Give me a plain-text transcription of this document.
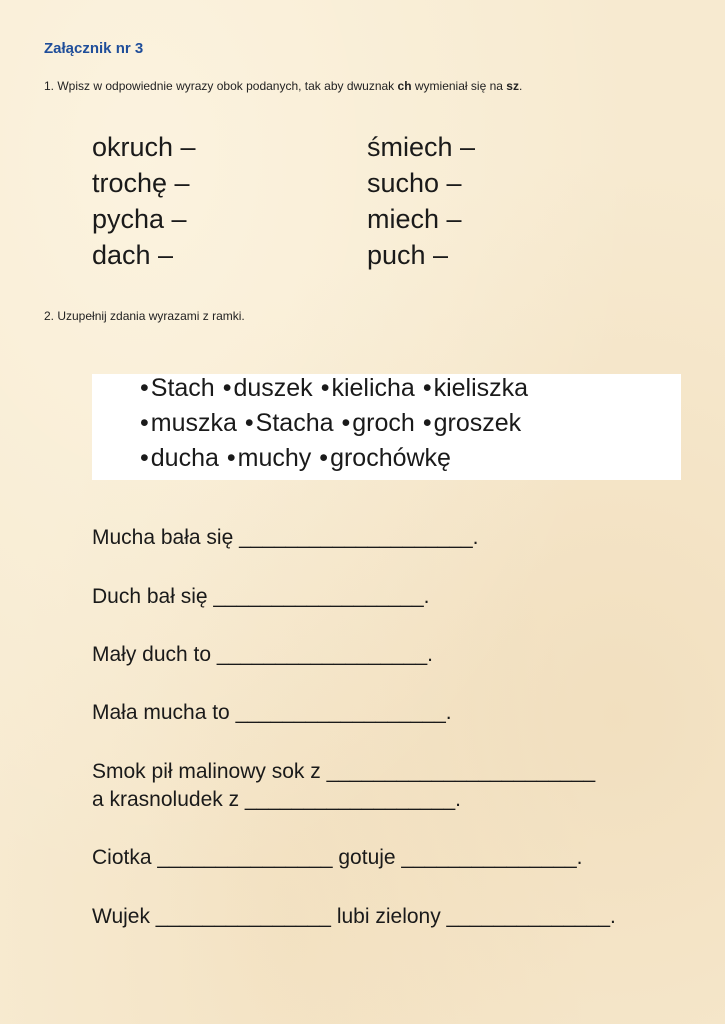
Załącznik nr 3
1. Wpisz w odpowiednie wyrazy obok podanych, tak aby dwuznak ch wymieniał się na sz.
okruch –
trochę –
pycha –
dach –
śmiech –
sucho –
miech –
puch –
2. Uzupełnij zdania wyrazami z ramki.
•Stach •duszek •kielicha •kieliszka
•muszka •Stacha •groch •groszek
•ducha •muchy •grochówkę
Mucha bała się ____________________.
Duch bał się __________________.
Mały duch to __________________.
Mała mucha to __________________.
Smok pił malinowy sok z _______________________
a krasnoludek z __________________.
Ciotka _______________ gotuje _______________.
Wujek _______________ lubi zielony ______________.
